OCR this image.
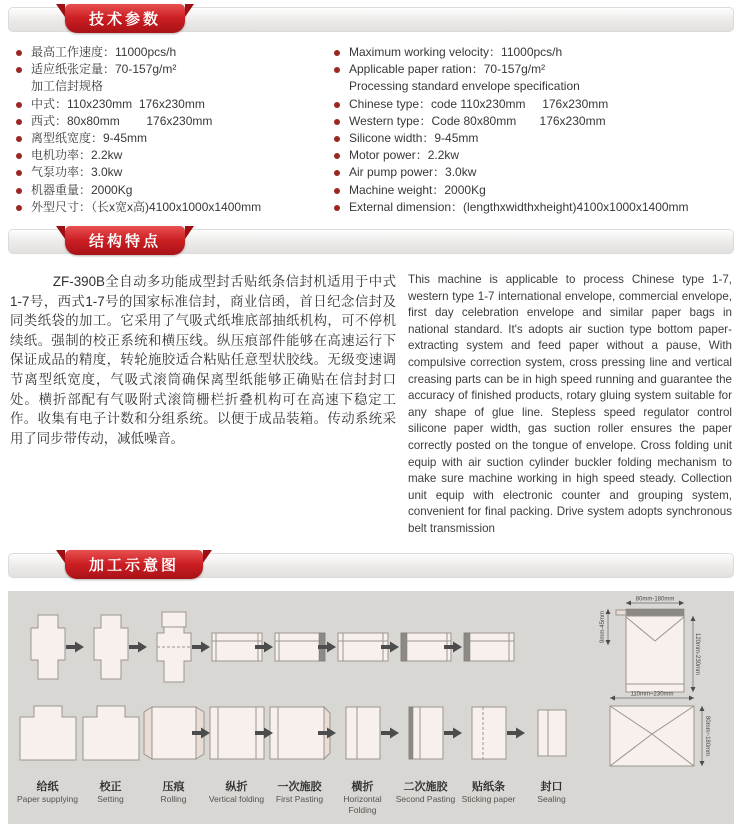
技术参数
最高工作速度：11000pcs/h
适应纸张定量：70-157g/m²
加工信封规格
中式：110x230mm  176x230mm
西式：80x80mm        176x230mm
离型纸宽度：9-45mm
电机功率：2.2kw
气泵功率：3.0kw
机器重量：2000Kg
外型尺寸：（长x宽x高)4100x1000x1400mm
Maximum working velocity：11000pcs/h
Applicable paper ration：70-157g/m²
Processing standard envelope specification
Chinese type：code 110x230mm     176x230mm
Western type：Code 80x80mm       176x230mm
Silicone width：9-45mm
Motor power：2.2kw
Air pump power：3.0kw
Machine weight：2000Kg
External dimension：(lengthxwidthxheight)4100x1000x1400mm
结构特点

ZF-390B全自动多功能成型封舌贴纸条信封机适用于中式1-7号，西式1-7号的国家标准信封，商业信函，首日纪念信封及同类纸袋的加工。它采用了气吸式纸堆底部抽纸机构，可不停机续纸。强制的校正系统和横压线。纵压痕部件能够在高速运行下保证成品的精度，转轮施胶适合粘贴任意型状胶线。无级变速调节离型纸宽度，气吸式滚筒确保离型纸能够正确贴在信封封口处。横折部配有气吸附式滚筒栅栏折叠机构可在高速下稳定工作。收集有电子计数和分组系统。以便于成品装箱。传动系统采用了同步带传动，减低噪音。

This machine is applicable to process Chinese type 1-7, western type 1-7 international envelope, commercial envelope, first day celebration envelope and similar paper bags in national standard. It's adopts air suction type bottom paper-extracting system and feed paper without a pause, With compulsive correction system, cross pressing line and vertical creasing parts can be in high speed running and guarantee the accuracy of finished products, rotary gluing system suitable for any shape of glue line. Stepless speed regulator control silicone paper width, gas suction roller ensures the paper correctly posted on the tongue of envelope. Cross folding unit equip with air suction cylinder buckler folding mechanism to make sure machine working in high speed steady. Collection unit equip with electronic counter and grouping system, convenient for final packing. Drive system adopts synchronous belt transmission

加工示意图
80mm-180mm
120mm-230mm
9mm-45mm
110mm~230mm
80mm~180mm
给纸
Paper supplying
校正
Setting
压痕
Rolling
纵折
Vertical folding
一次施胶
First Pasting
横折
Horizontal Folding
二次施胶
Second Pasting
贴纸条
Sticking paper
封口
Sealing
